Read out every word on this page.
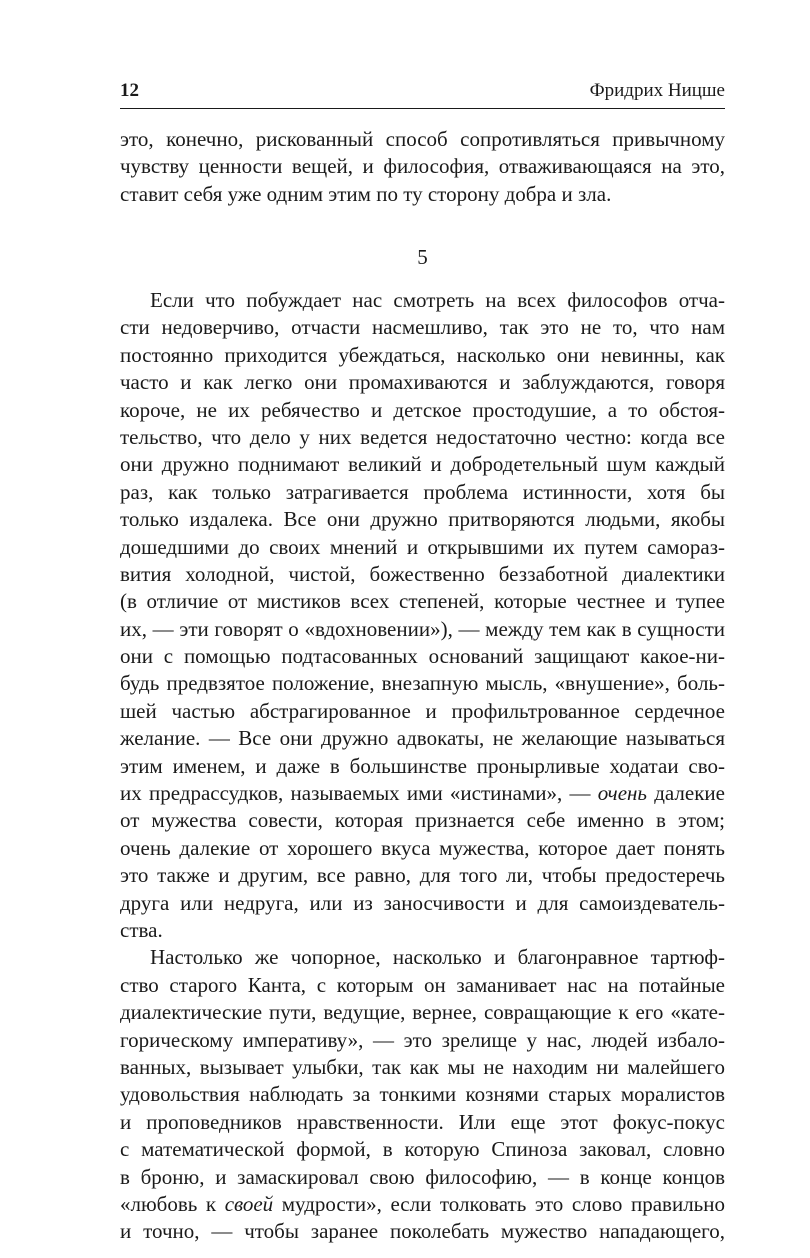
12	Фридрих Ницше
это, конечно, рискованный способ сопротивляться привычному
чувству ценности вещей, и философия, отваживающаяся на это,
ставит себя уже одним этим по ту сторону добра и зла.
5
Если что побуждает нас смотреть на всех философов отча-
сти недоверчиво, отчасти насмешливо, так это не то, что нам
постоянно приходится убеждаться, насколько они невинны, как
часто и как легко они промахиваются и заблуждаются, говоря
короче, не их ребячество и детское простодушие, а то обстоя-
тельство, что дело у них ведется недостаточно честно: когда все
они дружно поднимают великий и добродетельный шум каждый
раз, как только затрагивается проблема истинности, хотя бы
только издалека. Все они дружно притворяются людьми, якобы
дошедшими до своих мнений и открывшими их путем самораз-
вития холодной, чистой, божественно беззаботной диалектики
(в отличие от мистиков всех степеней, которые честнее и тупее
их, — эти говорят о «вдохновении»), — между тем как в сущности
они с помощью подтасованных оснований защищают какое-ни-
будь предвзятое положение, внезапную мысль, «внушение», боль-
шей частью абстрагированное и профильтрованное сердечное
желание. — Все они дружно адвокаты, не желающие называться
этим именем, и даже в большинстве пронырливые ходатаи сво-
их предрассудков, называемых ими «истинами», — очень далекие
от мужества совести, которая признается себе именно в этом;
очень далекие от хорошего вкуса мужества, которое дает понять
это также и другим, все равно, для того ли, чтобы предостеречь
друга или недруга, или из заносчивости и для самоиздеватель-
ства.
Настолько же чопорное, насколько и благонравное тартюф-
ство старого Канта, с которым он заманивает нас на потайные
диалектические пути, ведущие, вернее, совращающие к его «кате-
горическому императиву», — это зрелище у нас, людей избало-
ванных, вызывает улыбки, так как мы не находим ни малейшего
удовольствия наблюдать за тонкими кознями старых моралистов
и проповедников нравственности. Или еще этот фокус-покус
с математической формой, в которую Спиноза заковал, словно
в броню, и замаскировал свою философию, — в конце концов
«любовь к своей мудрости», если толковать это слово правильно
и точно, — чтобы заранее поколебать мужество нападающего,
